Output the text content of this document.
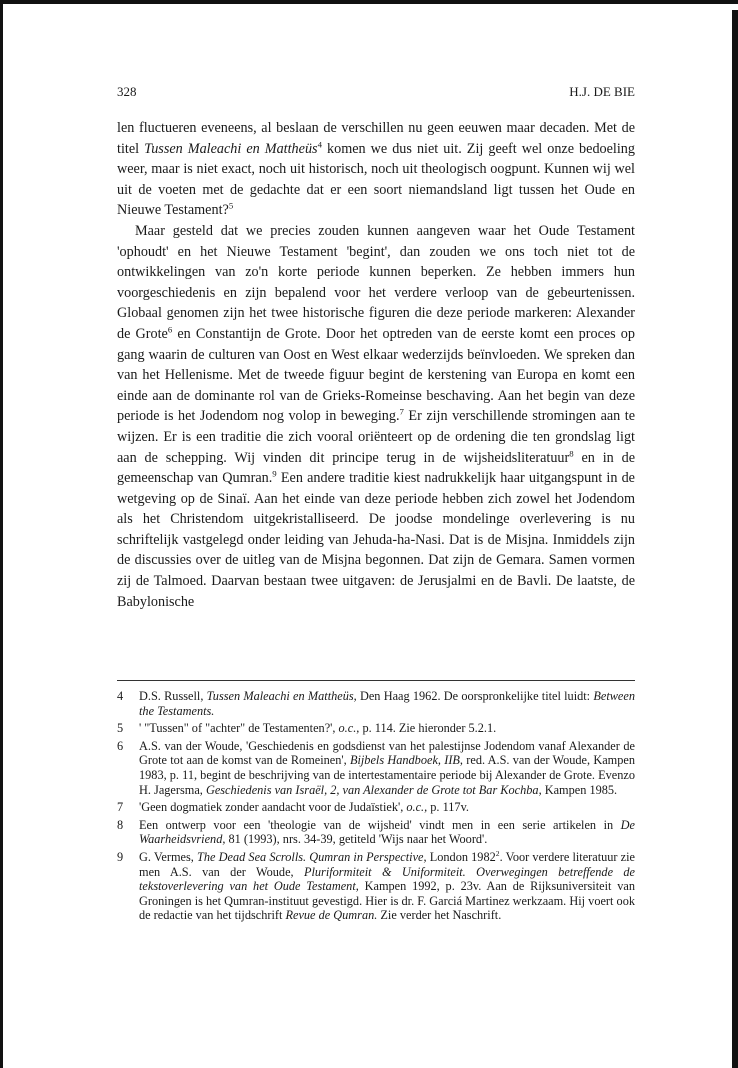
328	H.J. DE BIE

len fluctueren eveneens, al beslaan de verschillen nu geen eeuwen maar decaden. Met de titel Tussen Maleachi en Mattheüs$^4$ komen we dus niet uit. Zij geeft wel onze bedoeling weer, maar is niet exact, noch uit historisch, noch uit theologisch oogpunt. Kunnen wij wel uit de voeten met de gedachte dat er een soort niemandsland ligt tussen het Oude en Nieuwe Testament?$^5$

Maar gesteld dat we precies zouden kunnen aangeven waar het Oude Testament 'ophoudt' en het Nieuwe Testament 'begint', dan zouden we ons toch niet tot de ontwikkelingen van zo'n korte periode kunnen beperken. Ze hebben immers hun voorgeschiedenis en zijn bepalend voor het verdere verloop van de gebeurtenissen. Globaal genomen zijn het twee historische figuren die deze periode markeren: Alexander de Grote$^6$ en Constantijn de Grote. Door het optreden van de eerste komt een proces op gang waarin de culturen van Oost en West elkaar wederzijds beïnvloeden. We spreken dan van het Hellenisme. Met de tweede figuur begint de kerstening van Europa en komt een einde aan de dominante rol van de Grieks-Romeinse beschaving. Aan het begin van deze periode is het Jodendom nog volop in beweging.$^7$ Er zijn verschillende stromingen aan te wijzen. Er is een traditie die zich vooral oriënteert op de ordening die ten grondslag ligt aan de schepping. Wij vinden dit principe terug in de wijsheidsliteratuur$^8$ en in de gemeenschap van Qumran.$^9$ Een andere traditie kiest nadrukkelijk haar uitgangspunt in de wetgeving op de Sinaï. Aan het einde van deze periode hebben zich zowel het Jodendom als het Christendom uitgekristalliseerd. De joodse mondelinge overlevering is nu schriftelijk vastgelegd onder leiding van Jehuda-ha-Nasi. Dat is de Misjna. Inmiddels zijn de discussies over de uitleg van de Misjna begonnen. Dat zijn de Gemara. Samen vormen zij de Talmoed. Daarvan bestaan twee uitgaven: de Jerusjalmi en de Bavli. De laatste, de Babylonische

4	D.S. Russell, Tussen Maleachi en Mattheüs, Den Haag 1962. De oorspronkelijke titel luidt: Between the Testaments.
5	' "Tussen" of "achter" de Testamenten?', o.c., p. 114. Zie hieronder 5.2.1.
6	A.S. van der Woude, 'Geschiedenis en godsdienst van het palestijnse Jodendom vanaf Alexander de Grote tot aan de komst van de Romeinen', Bijbels Handboek, IIB, red. A.S. van der Woude, Kampen 1983, p. 11, begint de beschrijving van de intertestamentaire periode bij Alexander de Grote. Evenzo H. Jagersma, Geschiedenis van Israël, 2, van Alexander de Grote tot Bar Kochba, Kampen 1985.
7	'Geen dogmatiek zonder aandacht voor de Judaïstiek', o.c., p. 117v.
8	Een ontwerp voor een 'theologie van de wijsheid' vindt men in een serie artikelen in De Waarheidsvriend, 81 (1993), nrs. 34-39, getiteld 'Wijs naar het Woord'.
9	G. Vermes, The Dead Sea Scrolls. Qumran in Perspective, London 1982$^2$. Voor verdere literatuur zie men A.S. van der Woude, Pluriformiteit & Uniformiteit. Overwegingen betreffende de tekstoverlevering van het Oude Testament, Kampen 1992, p. 23v. Aan de Rijksuniversiteit van Groningen is het Qumran-instituut gevestigd. Hier is dr. F. Garciá Martinez werkzaam. Hij voert ook de redactie van het tijdschrift Revue de Qumran. Zie verder het Naschrift.
